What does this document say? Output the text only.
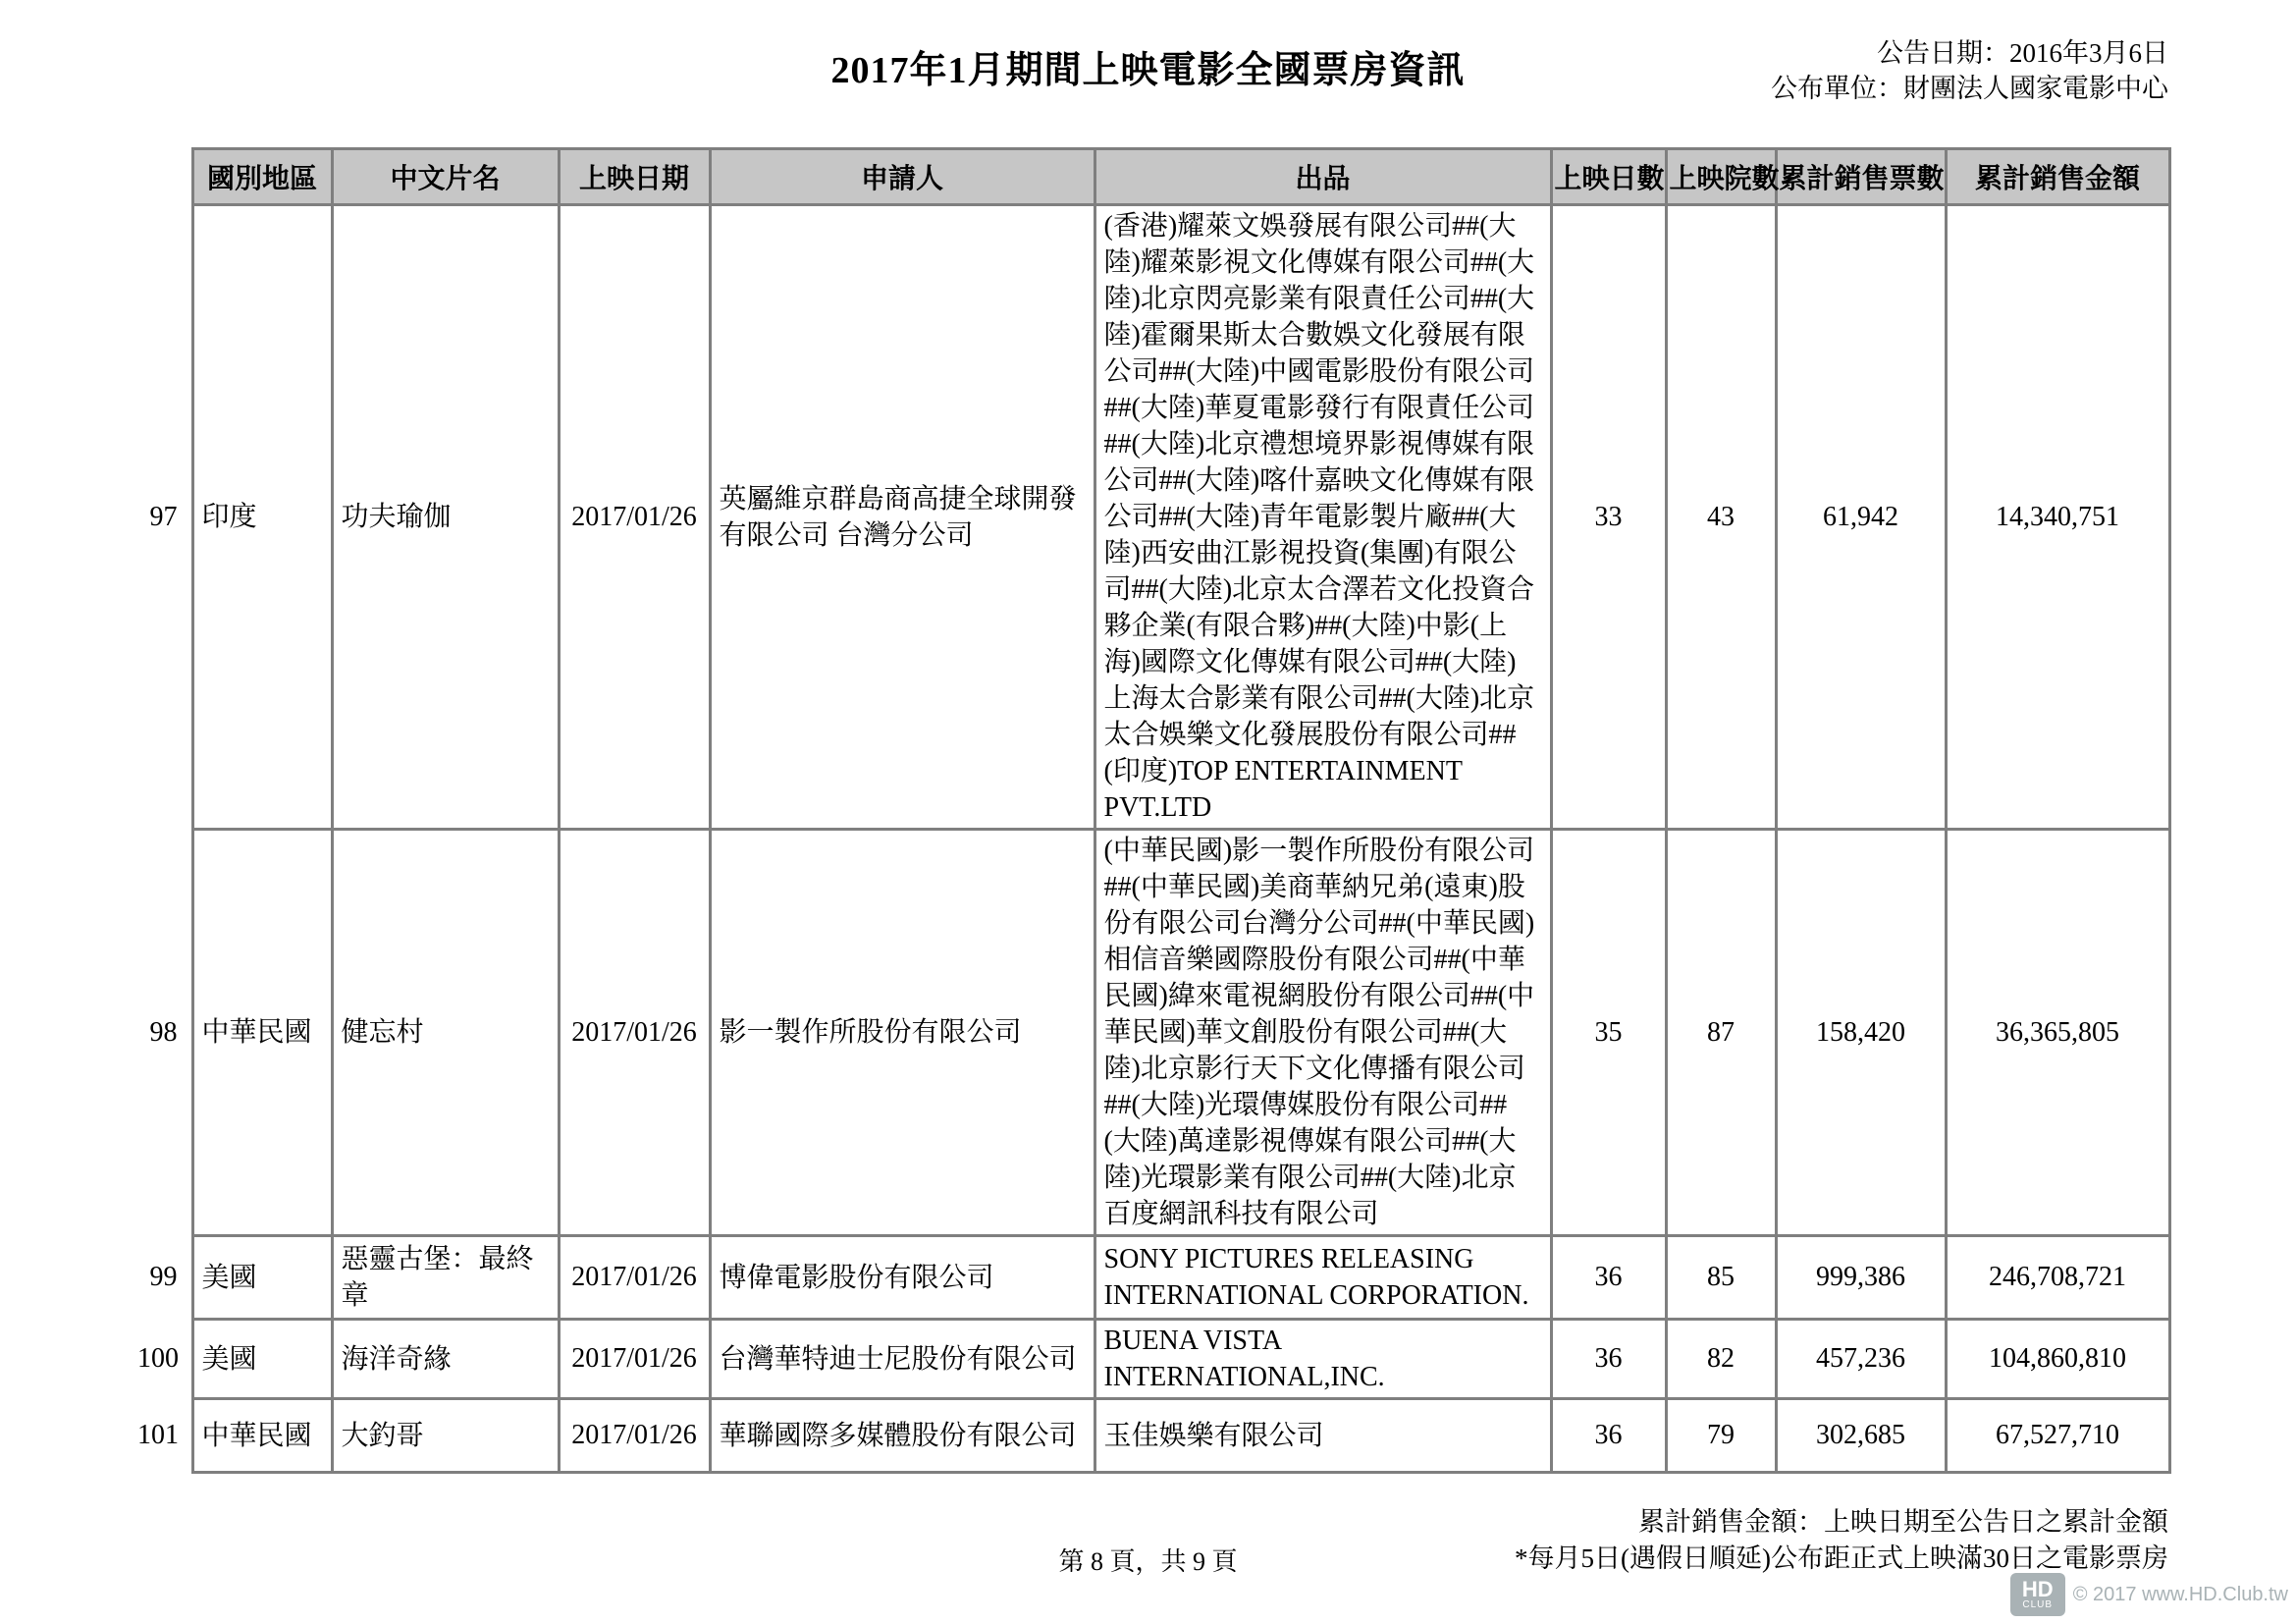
2017年1月期間上映電影全國票房資訊	公告日期：2016年3月6日
公布單位：財團法人國家電影中心
	國別地區	中文片名	上映日期	申請人	出品	上映日數	上映院數	累計銷售票數	累計銷售金額
97	印度	功夫瑜伽	2017/01/26	英屬維京群島商高捷全球開發有限公司 台灣分公司	(香港)耀萊文娛發展有限公司##(大陸)耀萊影視文化傳媒有限公司##(大陸)北京閃亮影業有限責任公司##(大陸)霍爾果斯太合數娛文化發展有限公司##(大陸)中國電影股份有限公司##(大陸)華夏電影發行有限責任公司##(大陸)北京禮想境界影視傳媒有限公司##(大陸)喀什嘉映文化傳媒有限公司##(大陸)青年電影製片廠##(大陸)西安曲江影視投資(集團)有限公司##(大陸)北京太合澤若文化投資合夥企業(有限合夥)##(大陸)中影(上海)國際文化傳媒有限公司##(大陸)上海太合影業有限公司##(大陸)北京太合娛樂文化發展股份有限公司##(印度)TOP ENTERTAINMENT PVT.LTD	33	43	61,942	14,340,751
98	中華民國	健忘村	2017/01/26	影一製作所股份有限公司	(中華民國)影一製作所股份有限公司##(中華民國)美商華納兄弟(遠東)股份有限公司台灣分公司##(中華民國)相信音樂國際股份有限公司##(中華民國)緯來電視網股份有限公司##(中華民國)華文創股份有限公司##(大陸)北京影行天下文化傳播有限公司##(大陸)光環傳媒股份有限公司##(大陸)萬達影視傳媒有限公司##(大陸)光環影業有限公司##(大陸)北京百度網訊科技有限公司	35	87	158,420	36,365,805
99	美國	惡靈古堡：最終章	2017/01/26	博偉電影股份有限公司	SONY PICTURES RELEASING INTERNATIONAL CORPORATION.	36	85	999,386	246,708,721
100	美國	海洋奇緣	2017/01/26	台灣華特迪士尼股份有限公司	BUENA VISTA INTERNATIONAL,INC.	36	82	457,236	104,860,810
101	中華民國	大釣哥	2017/01/26	華聯國際多媒體股份有限公司	玉佳娛樂有限公司	36	79	302,685	67,527,710
第 8 頁，共 9 頁
累計銷售金額：上映日期至公告日之累計金額
*每月5日(遇假日順延)公布距正式上映滿30日之電影票房
HD
CLUB	© 2017 www.HD.Club.tw
